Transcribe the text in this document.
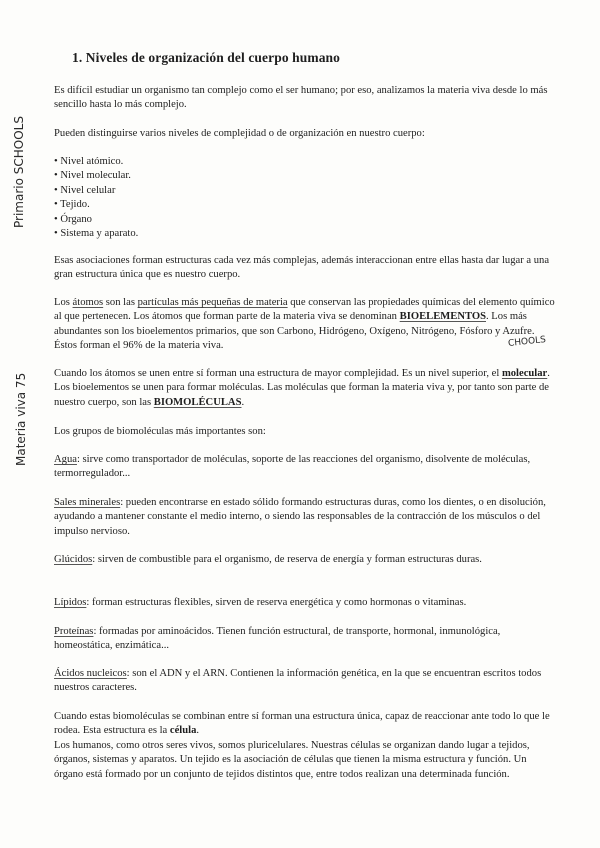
Primario SCHOOLS
Materia viva 75
CHOOLS
1. Niveles de organización del cuerpo humano

Es difícil estudiar un organismo tan complejo como el ser humano; por eso, analizamos la materia viva desde lo más sencillo hasta lo más complejo.

Pueden distinguirse varios niveles de complejidad o de organización en nuestro cuerpo:

• Nivel atómico.
• Nivel molecular.
• Nivel celular
• Tejido.
• Órgano
• Sistema y aparato.

Esas asociaciones forman estructuras cada vez más complejas, además interaccionan entre ellas hasta dar lugar a una gran estructura única que es nuestro cuerpo.

Los átomos son las partículas más pequeñas de materia que conservan las propiedades químicas del elemento químico al que pertenecen. Los átomos que forman parte de la materia viva se denominan BIOELEMENTOS. Los más abundantes son los bioelementos primarios, que son Carbono, Hidrógeno, Oxígeno, Nitrógeno, Fósforo y Azufre. Éstos forman el 96% de la materia viva.

Cuando los átomos se unen entre sí forman una estructura de mayor complejidad. Es un nivel superior, el molecular. Los bioelementos se unen para formar moléculas. Las moléculas que forman la materia viva y, por tanto son parte de nuestro cuerpo, son las BIOMOLÉCULAS.

Los grupos de biomoléculas más importantes son:

Agua: sirve como transportador de moléculas, soporte de las reacciones del organismo, disolvente de moléculas, termorregulador...

Sales minerales: pueden encontrarse en estado sólido formando estructuras duras, como los dientes, o en disolución, ayudando a mantener constante el medio interno, o siendo las responsables de la contracción de los músculos o del impulso nervioso.

Glúcidos: sirven de combustible para el organismo, de reserva de energía y forman estructuras duras.

Lípidos: forman estructuras flexibles, sirven de reserva energética y como hormonas o vitaminas.

Proteínas: formadas por aminoácidos. Tienen función estructural, de transporte, hormonal, inmunológica, homeostática, enzimática...

Ácidos nucleicos: son el ADN y el ARN. Contienen la información genética, en la que se encuentran escritos todos nuestros caracteres.

Cuando estas biomoléculas se combinan entre sí forman una estructura única, capaz de reaccionar ante todo lo que le rodea. Esta estructura es la célula.

Los humanos, como otros seres vivos, somos pluricelulares. Nuestras células se organizan dando lugar a tejidos, órganos, sistemas y aparatos. Un tejido es la asociación de células que tienen la misma estructura y función. Un órgano está formado por un conjunto de tejidos distintos que, entre todos realizan una determinada función.
